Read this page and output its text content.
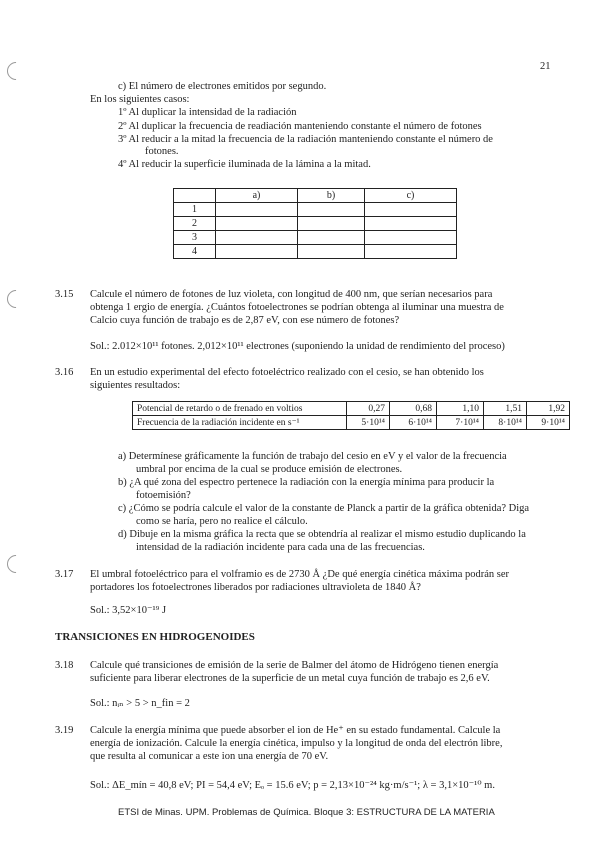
21
c) El número de electrones emitidos por segundo.
En los siguientes casos:
1º Al duplicar la intensidad de la radiación
2º Al duplicar la frecuencia de readiación manteniendo constante el número de fotones
3º Al reducir a la mitad la frecuencia de la radiación manteniendo constante el número de
fotones.
4º Al reducir la superficie iluminada de la lámina a la mitad.
	a)	b)	c)
1			
2			
3			
4			
3.15 Calcule el número de fotones de luz violeta, con longitud de 400 nm, que serían necesarios para
obtenga 1 ergio de energía. ¿Cuántos fotoelectrones se podrían obtenga al iluminar una muestra de
Calcio cuya función de trabajo es de 2,87 eV, con ese número de fotones?
Sol.: 2.012×10¹¹ fotones. 2,012×10¹¹ electrones (suponiendo la unidad de rendimiento del proceso)
3.16 En un estudio experimental del efecto fotoeléctrico realizado con el cesio, se han obtenido los
siguientes resultados:
Potencial de retardo o de frenado en voltios	0,27	0,68	1,10	1,51	1,92
Frecuencia de la radiación incidente en s⁻¹	5·10¹⁴	6·10¹⁴	7·10¹⁴	8·10¹⁴	9·10¹⁴
a) Determínese gráficamente la función de trabajo del cesio en eV y el valor de la frecuencia
umbral por encima de la cual se produce emisión de electrones.
b) ¿A qué zona del espectro pertenece la radiación con la energía mínima para producir la
fotoemisión?
c) ¿Cómo se podría calcule el valor de la constante de Planck a partir de la gráfica obtenida? Diga
como se haría, pero no realice el cálculo.
d) Dibuje en la misma gráfica la recta que se obtendría al realizar el mismo estudio duplicando la
intensidad de la radiación incidente para cada una de las frecuencias.
3.17 El umbral fotoeléctrico para el volframio es de 2730 Å ¿De qué energía cinética máxima podrán ser
portadores los fotoelectrones liberados por radiaciones ultravioleta de 1840 Å?
Sol.: 3,52×10⁻¹⁹ J
TRANSICIONES EN HIDROGENOIDES
3.18 Calcule qué transiciones de emisión de la serie de Balmer del átomo de Hidrógeno tienen energía
suficiente para liberar electrones de la superficie de un metal cuya función de trabajo es 2,6 eV.
Sol.: nᵢₙ > 5 > n_fin = 2
3.19 Calcule la energía mínima que puede absorber el ion de He⁺ en su estado fundamental. Calcule la
energía de ionización. Calcule la energía cinética, impulso y la longitud de onda del electrón libre,
que resulta al comunicar a este ion una energía de 70 eV.
Sol.: ΔE_mín = 40,8 eV; PI = 54,4 eV; Eₒ = 15.6 eV; p = 2,13×10⁻²⁴ kg·m/s⁻¹; λ = 3,1×10⁻¹⁰ m.
ETSI de Minas. UPM. Problemas de Química. Bloque 3: ESTRUCTURA DE LA MATERIA
